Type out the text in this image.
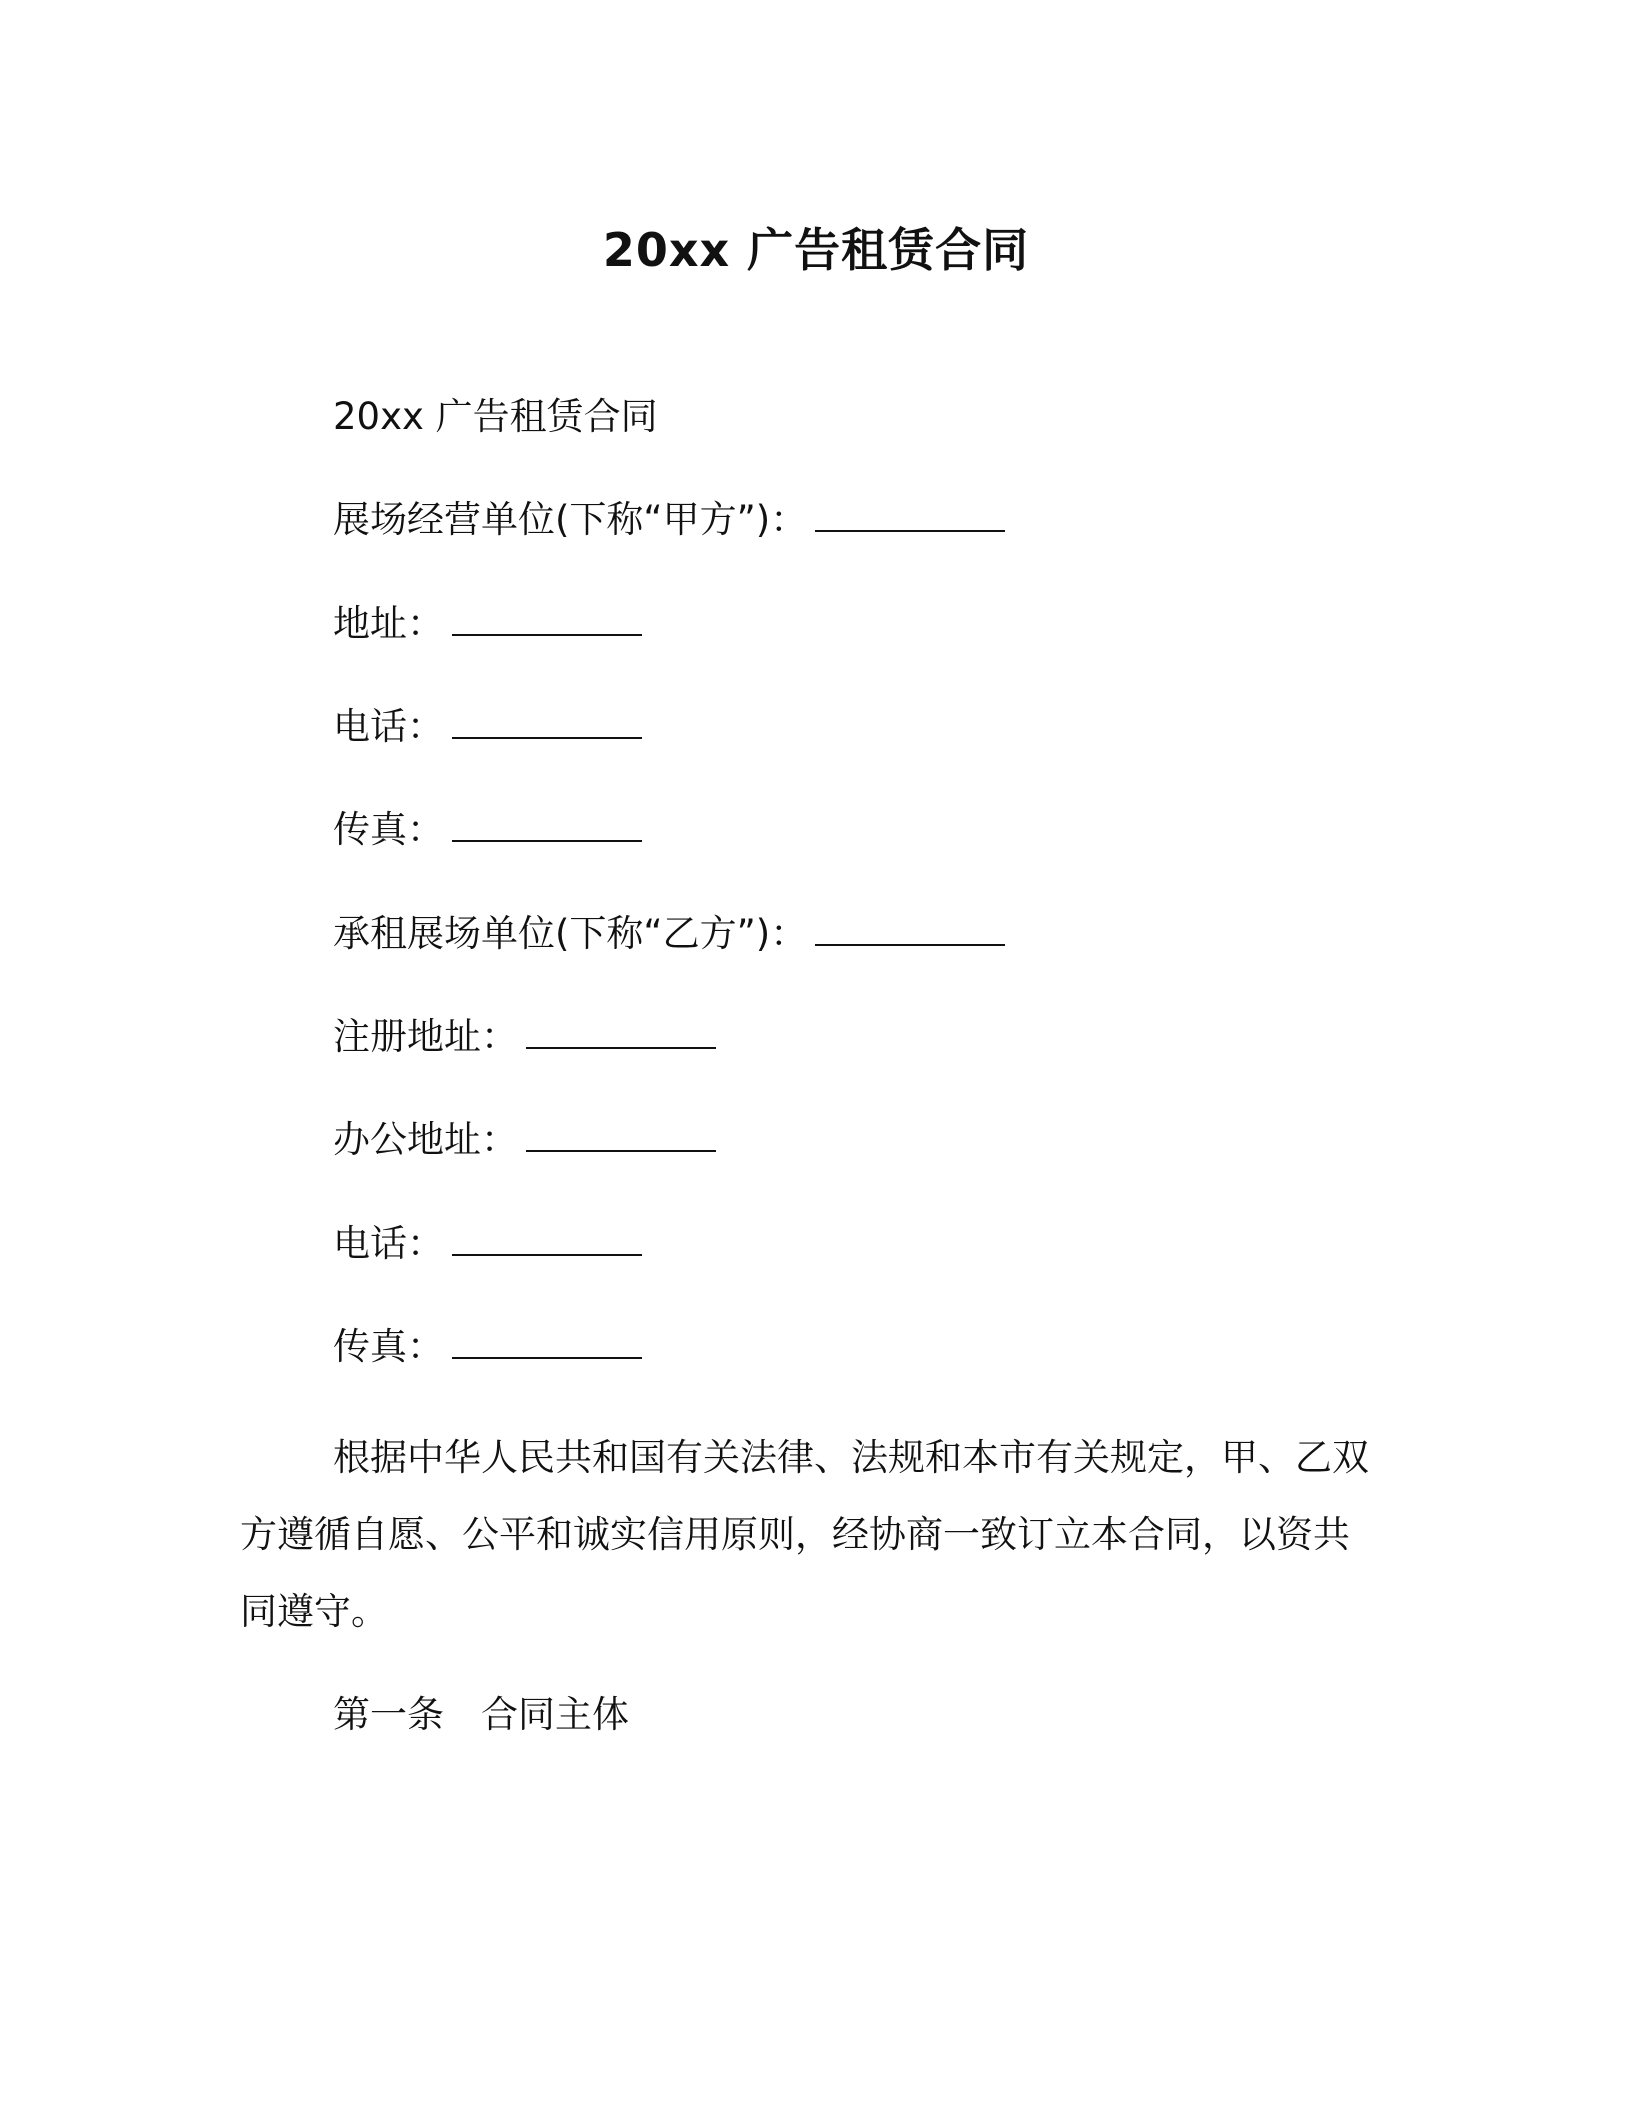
20xx 广告租赁合同
20xx 广告租赁合同
展场经营单位(下称“甲方”)：
地址：
电话：
传真：
承租展场单位(下称“乙方”)：
注册地址：
办公地址：
电话：
传真：
根据中华人民共和国有关法律、法规和本市有关规定，甲、乙双
方遵循自愿、公平和诚实信用原则，经协商一致订立本合同，以资共
同遵守。
第一条　合同主体
